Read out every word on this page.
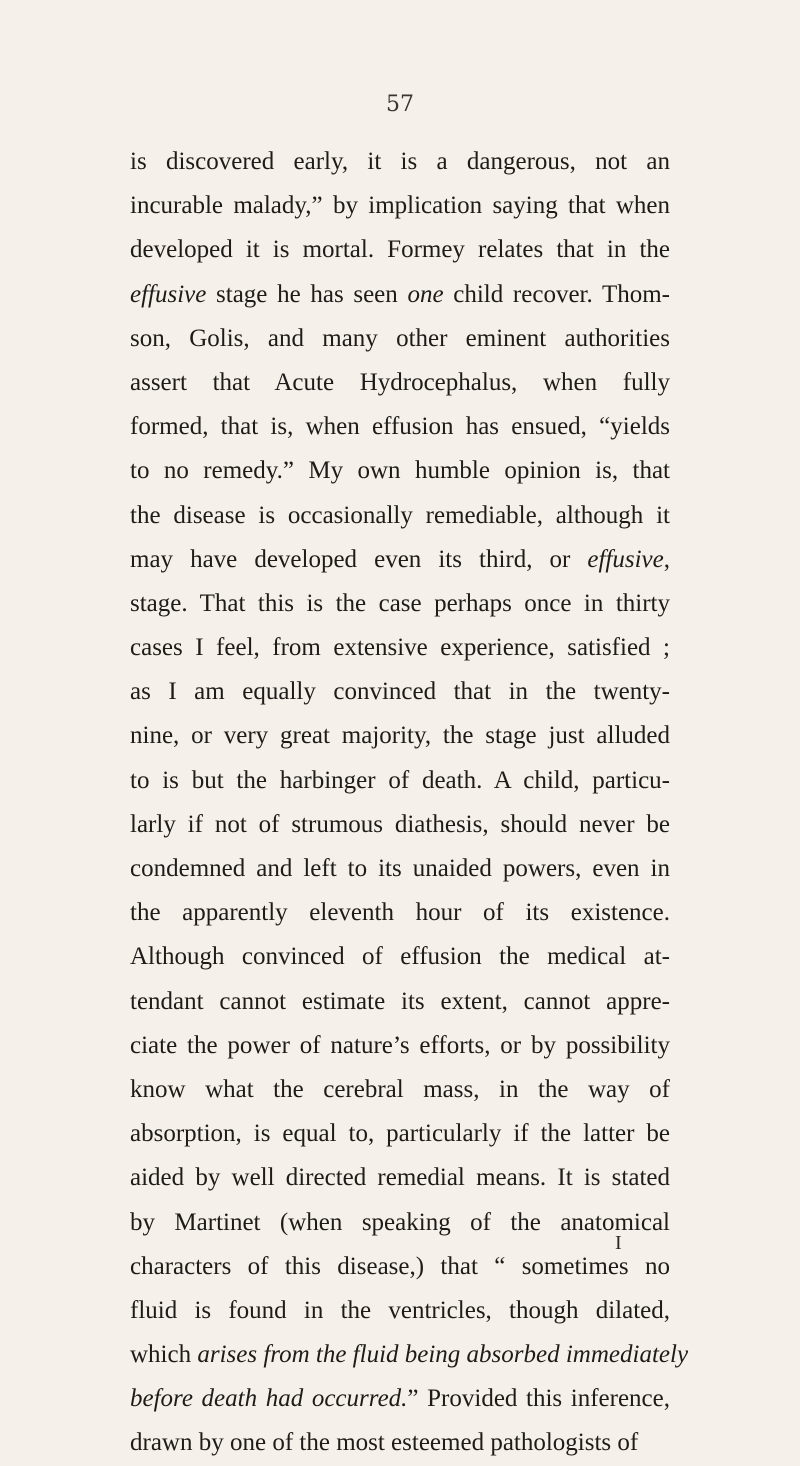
57
is discovered early, it is a dangerous, not an
incurable malady,” by implication saying that when
developed it is mortal. Formey relates that in the
effusive stage he has seen one child recover. Thom-
son, Golis, and many other eminent authorities
assert that Acute Hydrocephalus, when fully
formed, that is, when effusion has ensued, “yields
to no remedy.” My own humble opinion is, that
the disease is occasionally remediable, although it
may have developed even its third, or effusive,
stage. That this is the case perhaps once in thirty
cases I feel, from extensive experience, satisfied ;
as I am equally convinced that in the twenty-
nine, or very great majority, the stage just alluded
to is but the harbinger of death. A child, particu-
larly if not of strumous diathesis, should never be
condemned and left to its unaided powers, even in
the apparently eleventh hour of its existence.
Although convinced of effusion the medical at-
tendant cannot estimate its extent, cannot appre-
ciate the power of nature’s efforts, or by possibility
know what the cerebral mass, in the way of
absorption, is equal to, particularly if the latter be
aided by well directed remedial means. It is stated
by Martinet (when speaking of the anatomical
characters of this disease,) that “ sometimes no
fluid is found in the ventricles, though dilated,
which arises from the fluid being absorbed immediately
before death had occurred.” Provided this inference,
drawn by one of the most esteemed pathologists of
I
